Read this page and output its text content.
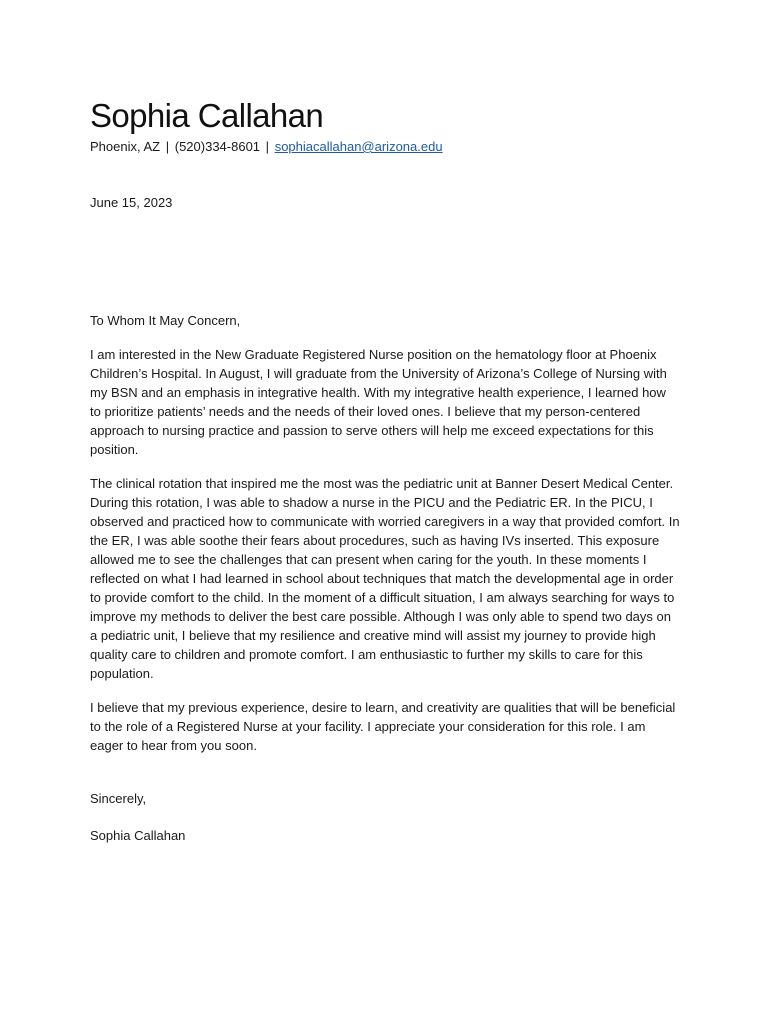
Sophia Callahan
Phoenix, AZ | (520)334-8601 | sophiacallahan@arizona.edu

June 15, 2023

To Whom It May Concern,

I am interested in the New Graduate Registered Nurse position on the hematology floor at Phoenix Children’s Hospital. In August, I will graduate from the University of Arizona’s College of Nursing with my BSN and an emphasis in integrative health. With my integrative health experience, I learned how to prioritize patients’ needs and the needs of their loved ones. I believe that my person-centered approach to nursing practice and passion to serve others will help me exceed expectations for this position.

The clinical rotation that inspired me the most was the pediatric unit at Banner Desert Medical Center. During this rotation, I was able to shadow a nurse in the PICU and the Pediatric ER. In the PICU, I observed and practiced how to communicate with worried caregivers in a way that provided comfort. In the ER, I was able soothe their fears about procedures, such as having IVs inserted. This exposure allowed me to see the challenges that can present when caring for the youth. In these moments I reflected on what I had learned in school about techniques that match the developmental age in order to provide comfort to the child. In the moment of a difficult situation, I am always searching for ways to improve my methods to deliver the best care possible. Although I was only able to spend two days on a pediatric unit, I believe that my resilience and creative mind will assist my journey to provide high quality care to children and promote comfort. I am enthusiastic to further my skills to care for this population.

I believe that my previous experience, desire to learn, and creativity are qualities that will be beneficial to the role of a Registered Nurse at your facility. I appreciate your consideration for this role. I am eager to hear from you soon.

Sincerely,

Sophia Callahan
